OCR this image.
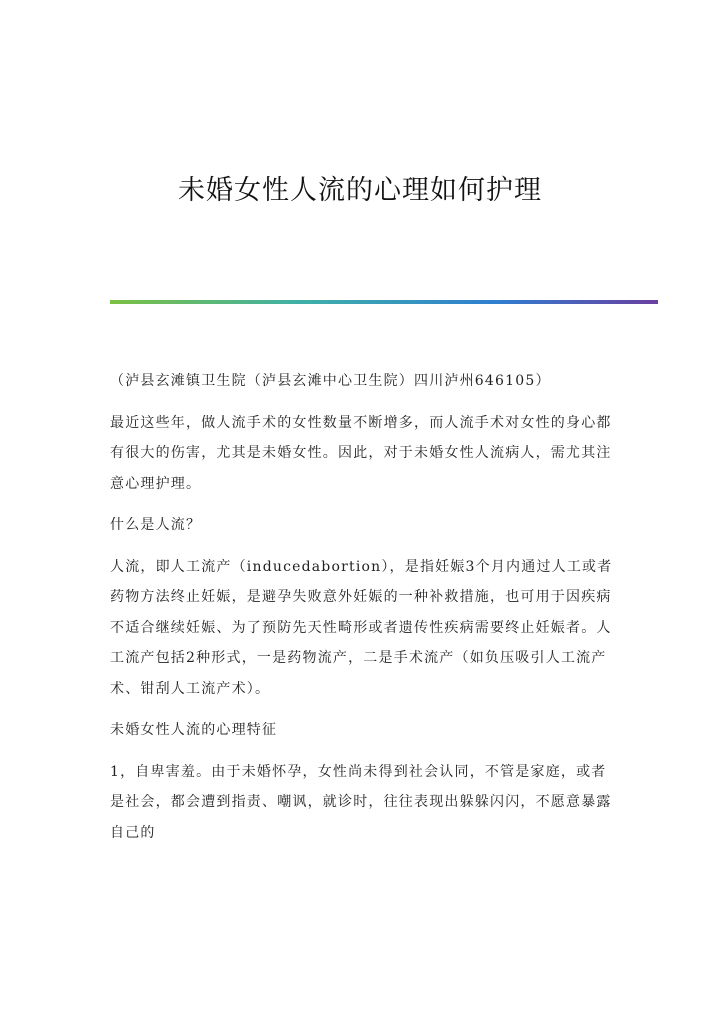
未婚女性人流的心理如何护理

（泸县玄滩镇卫生院（泸县玄滩中心卫生院）四川泸州646105）

最近这些年，做人流手术的女性数量不断增多，而人流手术对女性的身心都有很大的伤害，尤其是未婚女性。因此，对于未婚女性人流病人，需尤其注意心理护理。

什么是人流？

人流，即人工流产（inducedabortion），是指妊娠3个月内通过人工或者药物方法终止妊娠，是避孕失败意外妊娠的一种补救措施，也可用于因疾病不适合继续妊娠、为了预防先天性畸形或者遗传性疾病需要终止妊娠者。人工流产包括2种形式，一是药物流产，二是手术流产（如负压吸引人工流产术、钳刮人工流产术）。

未婚女性人流的心理特征

1，自卑害羞。由于未婚怀孕，女性尚未得到社会认同，不管是家庭，或者是社会，都会遭到指责、嘲讽，就诊时，往往表现出躲躲闪闪，不愿意暴露自己的
